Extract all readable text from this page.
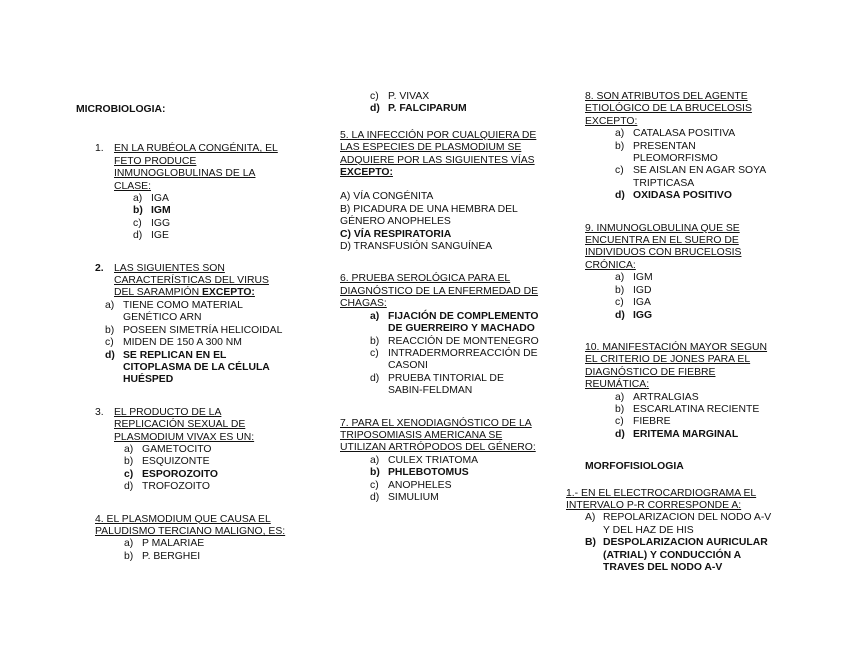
MICROBIOLOGIA:
1. EN LA RUBÉOLA CONGÉNITA, EL FETO PRODUCE INMUNOGLOBULINAS DE LA CLASE:
a) IGA
b) IGM
c) IGG
d) IGE
2. LAS SIGUIENTES SON CARACTERÍSTICAS DEL VIRUS DEL SARAMPIÓN EXCEPTO:
a) TIENE COMO MATERIAL GENÉTICO ARN
b) POSEEN SIMETRÍA HELICOIDAL
c) MIDEN DE 150 A 300 NM
d) SE REPLICAN EN EL CITOPLASMA DE LA CÉLULA HUÉSPED
3. EL PRODUCTO DE LA REPLICACIÓN SEXUAL DE PLASMODIUM VIVAX ES UN:
a) GAMETOCITO
b) ESQUIZONTE
c) ESPOROZOITO
d) TROFOZOITO
4. EL PLASMODIUM QUE CAUSA EL PALUDISMO TERCIANO MALIGNO, ES:
a) P MALARIAE
b) P. BERGHEI
c) P. VIVAX
d) P. FALCIPARUM
5. LA INFECCIÓN POR CUALQUIERA DE LAS ESPECIES DE PLASMODIUM SE ADQUIERE POR LAS SIGUIENTES VÍAS EXCEPTO:
A) VÍA CONGÉNITA
B) PICADURA DE UNA HEMBRA DEL GÉNERO ANOPHELES
C) VÍA RESPIRATORIA
D) TRANSFUSIÓN SANGUÍNEA
6. PRUEBA SEROLÓGICA PARA EL DIAGNÓSTICO DE LA ENFERMEDAD DE CHAGAS:
a) FIJACIÓN DE COMPLEMENTO DE GUERREIRO Y MACHADO
b) REACCIÓN DE MONTENEGRO
c) INTRADERMORREACCIÓN DE CASONI
d) PRUEBA TINTORIAL DE SABIN-FELDMAN
7. PARA EL XENODIAGNÓSTICO DE LA TRIPOSOMIASIS AMERICANA SE UTILIZAN ARTRÓPODOS DEL GÉNERO:
a) CULEX TRIATOMA
b) PHLEBOTOMUS
c) ANOPHELES
d) SIMULIUM
8. SON ATRIBUTOS DEL AGENTE ETIOLÓGICO DE LA BRUCELOSIS EXCEPTO:
a) CATALASA POSITIVA
b) PRESENTAN PLEOMORFISMO
c) SE AISLAN EN AGAR SOYA TRIPTICASA
d) OXIDASA POSITIVO
9. INMUNOGLOBULINA QUE SE ENCUENTRA EN EL SUERO DE INDIVIDUOS CON BRUCELOSIS CRÓNICA:
a) IGM
b) IGD
c) IGA
d) IGG
10. MANIFESTACIÓN MAYOR SEGUN EL CRITERIO DE JONES PARA EL DIAGNÓSTICO DE FIEBRE REUMÁTICA:
a) ARTRALGIAS
b) ESCARLATINA RECIENTE
c) FIEBRE
d) ERITEMA MARGINAL
MORFOFISIOLOGIA
1.- EN EL ELECTROCARDIOGRAMA EL INTERVALO P-R CORRESPONDE A:
A) REPOLARIZACION DEL NODO A-V Y DEL HAZ DE HIS
B) DESPOLARIZACION AURICULAR (ATRIAL) Y CONDUCCIÓN A TRAVES DEL NODO A-V
